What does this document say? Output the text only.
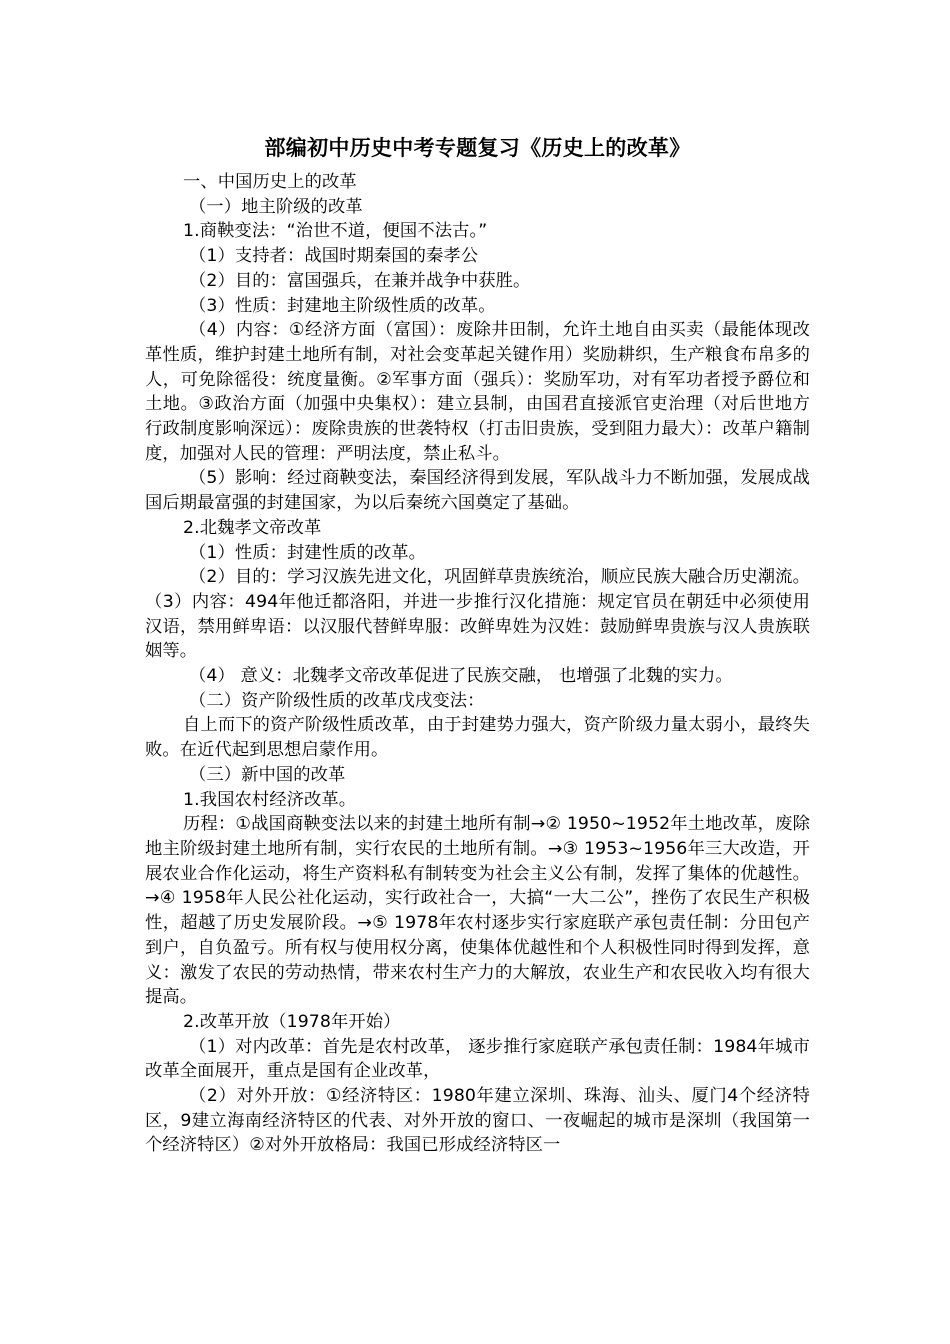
部编初中历史中考专题复习《历史上的改革》

一、中国历史上的改革

（一）地主阶级的改革

1.商鞅变法：“治世不道，便国不法古。”

（1）支持者：战国时期秦国的秦孝公

（2）目的：富国强兵，在兼并战争中获胜。

（3）性质：封建地主阶级性质的改革。

（4）内容：①经济方面（富国）：废除井田制，允许土地自由买卖（最能体现改革性质，维护封建土地所有制，对社会变革起关键作用）奖励耕织，生产粮食布帛多的人，可免除徭役：统度量衡。②军事方面（强兵）：奖励军功，对有军功者授予爵位和土地。③政治方面（加强中央集权）：建立县制，由国君直接派官吏治理（对后世地方行政制度影响深远）：废除贵族的世袭特权（打击旧贵族，受到阻力最大）：改革户籍制度，加强对人民的管理：严明法度，禁止私斗。

（5）影响：经过商鞅变法，秦国经济得到发展，军队战斗力不断加强，发展成战国后期最富强的封建国家，为以后秦统六国奠定了基础。

2.北魏孝文帝改革

（1）性质：封建性质的改革。

（2）目的：学习汉族先进文化，巩固鲜草贵族统治，顺应民族大融合历史潮流。（3）内容：494年他迁都洛阳，并进一步推行汉化措施：规定官员在朝廷中必须使用汉语，禁用鲜卑语：以汉服代替鲜卑服：改鲜卑姓为汉姓：鼓励鲜卑贵族与汉人贵族联姻等。

（4） 意义：北魏孝文帝改革促进了民族交融， 也增强了北魏的实力。

（二）资产阶级性质的改革戊戌变法：

自上而下的资产阶级性质改革，由于封建势力强大，资产阶级力量太弱小，最终失败。在近代起到思想启蒙作用。

（三）新中国的改革

1.我国农村经济改革。

历程：①战国商鞅变法以来的封建土地所有制→② 1950~1952年土地改革，废除地主阶级封建土地所有制，实行农民的土地所有制。→③ 1953~1956年三大改造，开展农业合作化运动，将生产资料私有制转变为社会主义公有制，发挥了集体的优越性。→④ 1958年人民公社化运动，实行政社合一，大搞“一大二公”，挫伤了农民生产积极性，超越了历史发展阶段。→⑤ 1978年农村逐步实行家庭联产承包责任制：分田包产到户，自负盈亏。所有权与使用权分离，使集体优越性和个人积极性同时得到发挥，意义：激发了农民的劳动热情，带来农村生产力的大解放，农业生产和农民收入均有很大提高。

2.改革开放（1978年开始）

（1）对内改革：首先是农村改革， 逐步推行家庭联产承包责任制：1984年城市改革全面展开，重点是国有企业改革，

（2）对外开放：①经济特区：1980年建立深圳、珠海、汕头、厦门4个经济特区，9建立海南经济特区的代表、对外开放的窗口、一夜崛起的城市是深圳（我国第一个经济特区）②对外开放格局：我国已形成经济特区一
